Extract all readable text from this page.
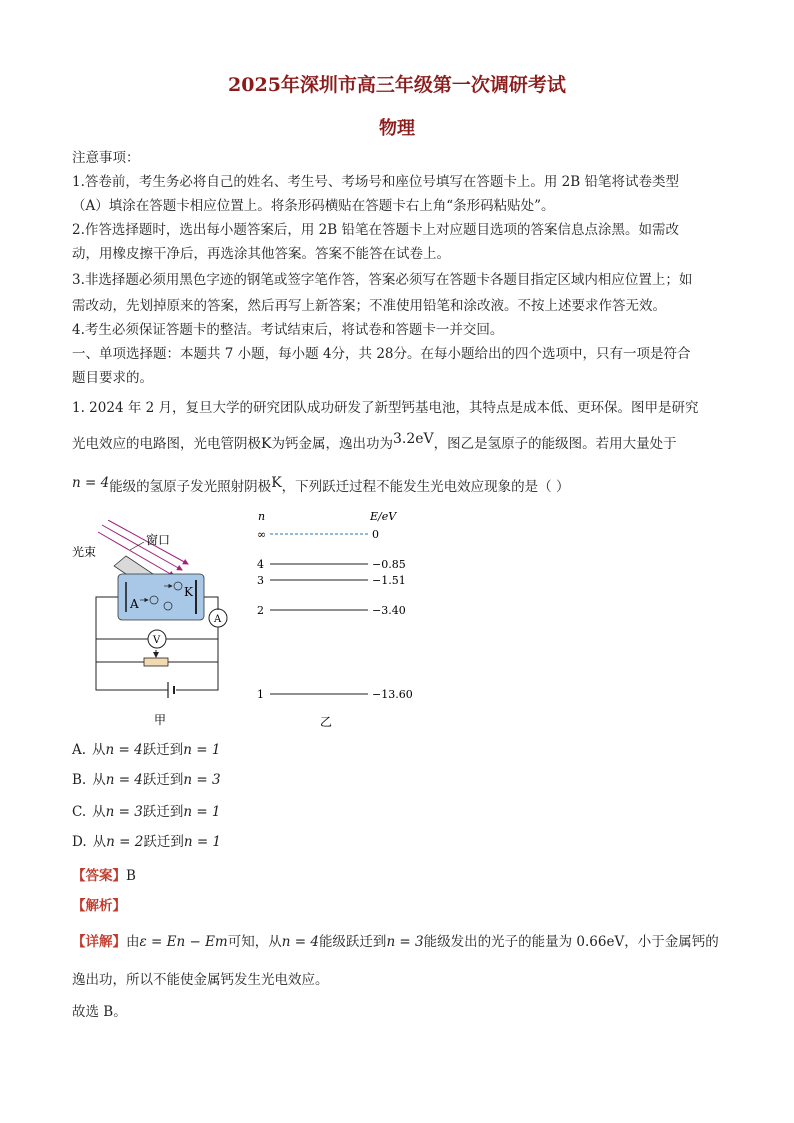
2025年深圳市高三年级第一次调研考试
物理
注意事项：
1.答卷前，考生务必将自己的姓名、考生号、考场号和座位号填写在答题卡上。用 2B 铅笔将试卷类型
（A）填涂在答题卡相应位置上。将条形码横贴在答题卡右上角“条形码粘贴处”。
2.作答选择题时，选出每小题答案后，用 2B 铅笔在答题卡上对应题目选项的答案信息点涂黑。如需改
动，用橡皮擦干净后，再选涂其他答案。答案不能答在试卷上。
3.非选择题必须用黑色字迹的钢笔或签字笔作答，答案必须写在答题卡各题目指定区域内相应位置上；如
需改动，先划掉原来的答案，然后再写上新答案；不准使用铅笔和涂改液。不按上述要求作答无效。
4.考生必须保证答题卡的整洁。考试结束后，将试卷和答题卡一并交回。
一、单项选择题：本题共 7 小题，每小题 4分，共 28分。在每小题给出的四个选项中，只有一项是符合
题目要求的。
1. 2024 年 2 月，复旦大学的研究团队成功研发了新型钙基电池，其特点是成本低、更环保。图甲是研究
光电效应的电路图，光电管阴极K为钙金属，逸出功为3.2eV，图乙是氢原子的能级图。若用大量处于
n = 4能级的氢原子发光照射阴极K，下列跃迁过程不能发生光电效应现象的是（ ）
光束
窗口
A
K
A
V
甲
n	E/eV
∞	0
4	−0.85
3	−1.51
2	−3.40
1	−13.60
乙
A. 从n = 4跃迁到n = 1
B. 从n = 4跃迁到n = 3
C. 从n = 3跃迁到n = 1
D. 从n = 2跃迁到n = 1
【答案】B
【解析】
【详解】由ε = En − Em可知，从n = 4能级跃迁到n = 3能级发出的光子的能量为 0.66eV，小于金属钙的
逸出功，所以不能使金属钙发生光电效应。
故选 B。
